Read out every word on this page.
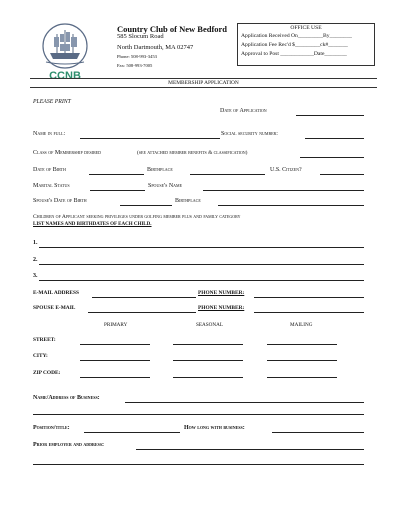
CCNB
Country Club of New Bedford
585 Slocum Road
North Dartmouth, MA 02747
Phone: 508-993-3453
Fax: 508-993-7005
OFFICE USE
Application Received On_________By________
Application Fee Rec'd $_________ck#_______
Approval to Post ____________Date________
MEMBERSHIP APPLICATION
PLEASE PRINT
Date of Application
Name in full:	Social security number:
Class of Membership desired	(see attached member benefits & classification)
Date of Birth	Birthplace	U.S. Citizen?
Marital Status	Spouse's Name
Spouse's Date of Birth	Birthplace
Children of Applicant seeking privileges under golfing member plus and family category
LIST NAMES AND BIRTHDATES OF EACH CHILD.
1.
2.
3.
E-MAIL ADDRESS	PHONE NUMBER:
SPOUSE E-MAIL	PHONE NUMBER:
PRIMARY	SEASONAL	MAILING
STREET:
CITY:
ZIP CODE:
Name/Address of Business:
Position/title:	How long with business:
Prior employer and address:
